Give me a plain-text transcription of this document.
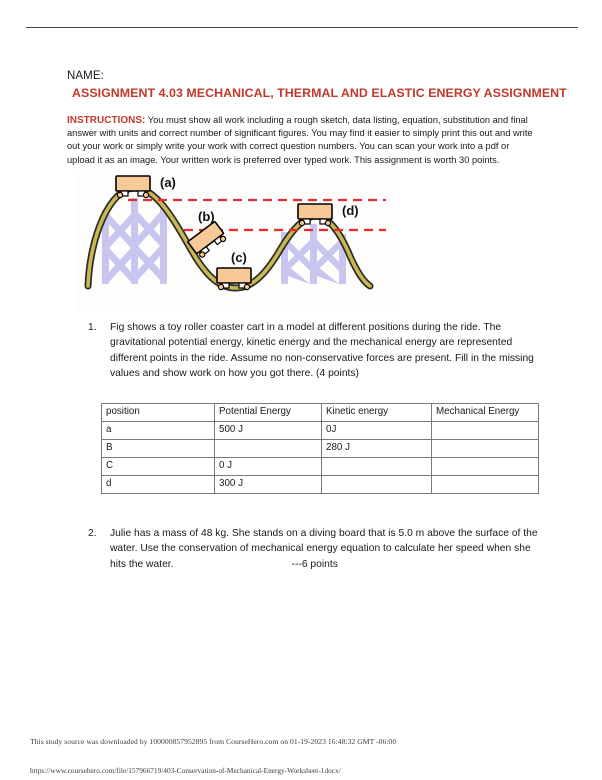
NAME:
ASSIGNMENT 4.03 MECHANICAL, THERMAL AND ELASTIC ENERGY ASSIGNMENT
INSTRUCTIONS: You must show all work including a rough sketch, data listing, equation, substitution and final answer with units and correct number of significant figures. You may find it easier to simply print this out and write out your work or simply write your work with correct question numbers. You can scan your work into a pdf or upload it as an image. Your written work is preferred over typed work. This assignment is worth 30 points.
(a)
(b)
(c)
(d)
1.	Fig shows a toy roller coaster cart in a model at different positions during the ride. The gravitational potential energy, kinetic energy and the mechanical energy are represented different points in the ride. Assume no non-conservative forces are present. Fill in the missing values and show work on how you got there. (4 points)
position	Potential Energy	Kinetic energy	Mechanical Energy
a	500 J	0J	
B		280 J	
C	0 J		
d	300 J		
2.	Julie has a mass of 48 kg. She stands on a diving board that is 5.0 m above the surface of the water. Use the conservation of mechanical energy equation to calculate her speed when she hits the water.	---6 points
This study source was downloaded by 100000857952895 from CourseHero.com on 01-19-2023 16:48:32 GMT -06:00
https://www.coursehero.com/file/157966719/403-Conservation-of-Mechanical-Energy-Worksheet-1docx/
